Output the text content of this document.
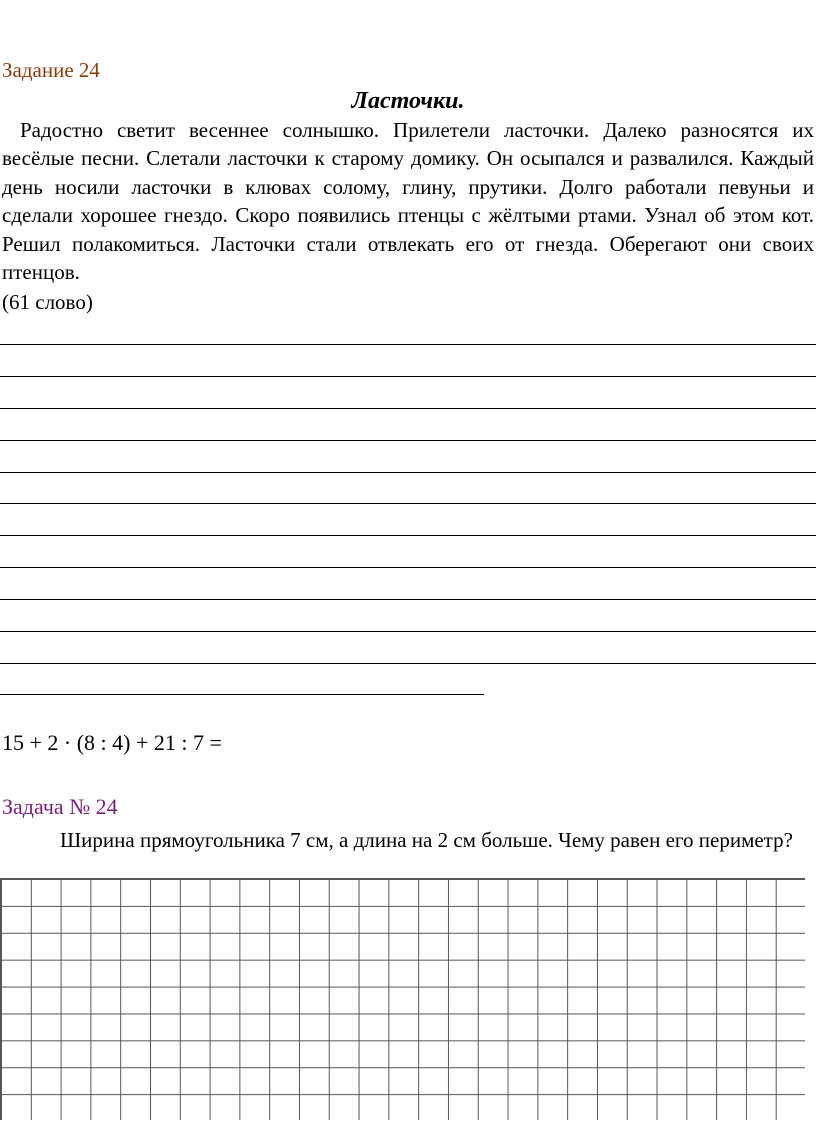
Задание 24
Ласточки.

Радостно светит весеннее солнышко. Прилетели ласточки. Далеко разносятся их весёлые песни. Слетали ласточки к старому домику. Он осыпался и развалился. Каждый день носили ласточки в клювах солому, глину, прутики. Долго работали певуньи и сделали хорошее гнездо. Скоро появились птенцы с жёлтыми ртами. Узнал об этом кот. Решил полакомиться. Ласточки стали отвлекать его от гнезда. Оберегают они своих птенцов.

(61 слово)
15 + 2 · (8 : 4) + 21 : 7 =
Задача № 24

Ширина прямоугольника 7 см, а длина на 2 см больше. Чему равен его периметр?
